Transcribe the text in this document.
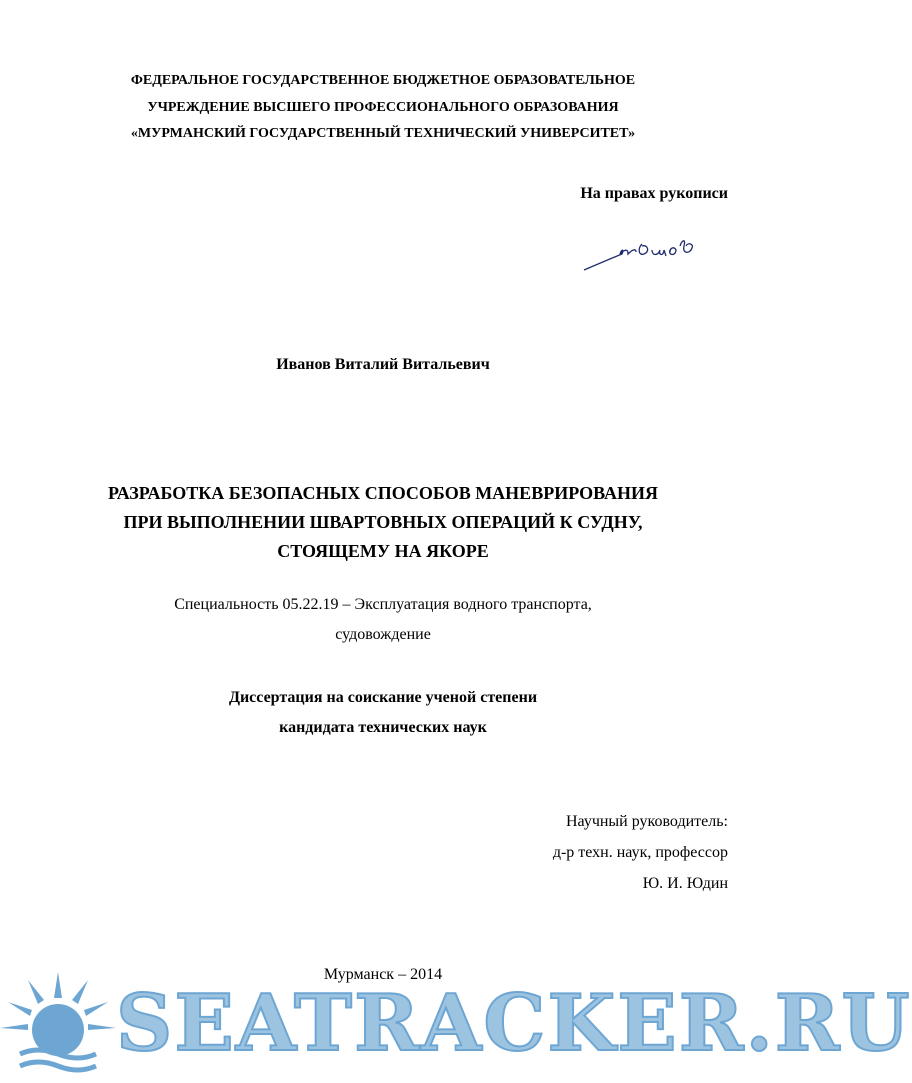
ФЕДЕРАЛЬНОЕ ГОСУДАРСТВЕННОЕ БЮДЖЕТНОЕ ОБРАЗОВАТЕЛЬНОЕ
УЧРЕЖДЕНИЕ ВЫСШЕГО ПРОФЕССИОНАЛЬНОГО ОБРАЗОВАНИЯ
«МУРМАНСКИЙ ГОСУДАРСТВЕННЫЙ ТЕХНИЧЕСКИЙ УНИВЕРСИТЕТ»
На правах рукописи
Иванов Виталий Витальевич
РАЗРАБОТКА БЕЗОПАСНЫХ СПОСОБОВ МАНЕВРИРОВАНИЯ
ПРИ ВЫПОЛНЕНИИ ШВАРТОВНЫХ ОПЕРАЦИЙ К СУДНУ,
СТОЯЩЕМУ НА ЯКОРЕ
Специальность 05.22.19 – Эксплуатация водного транспорта,
судовождение
Диссертация на соискание ученой степени
кандидата технических наук
Научный руководитель:
д-р техн. наук, профессор
Ю. И. Юдин
Мурманск – 2014
SEATRACKER.RU
